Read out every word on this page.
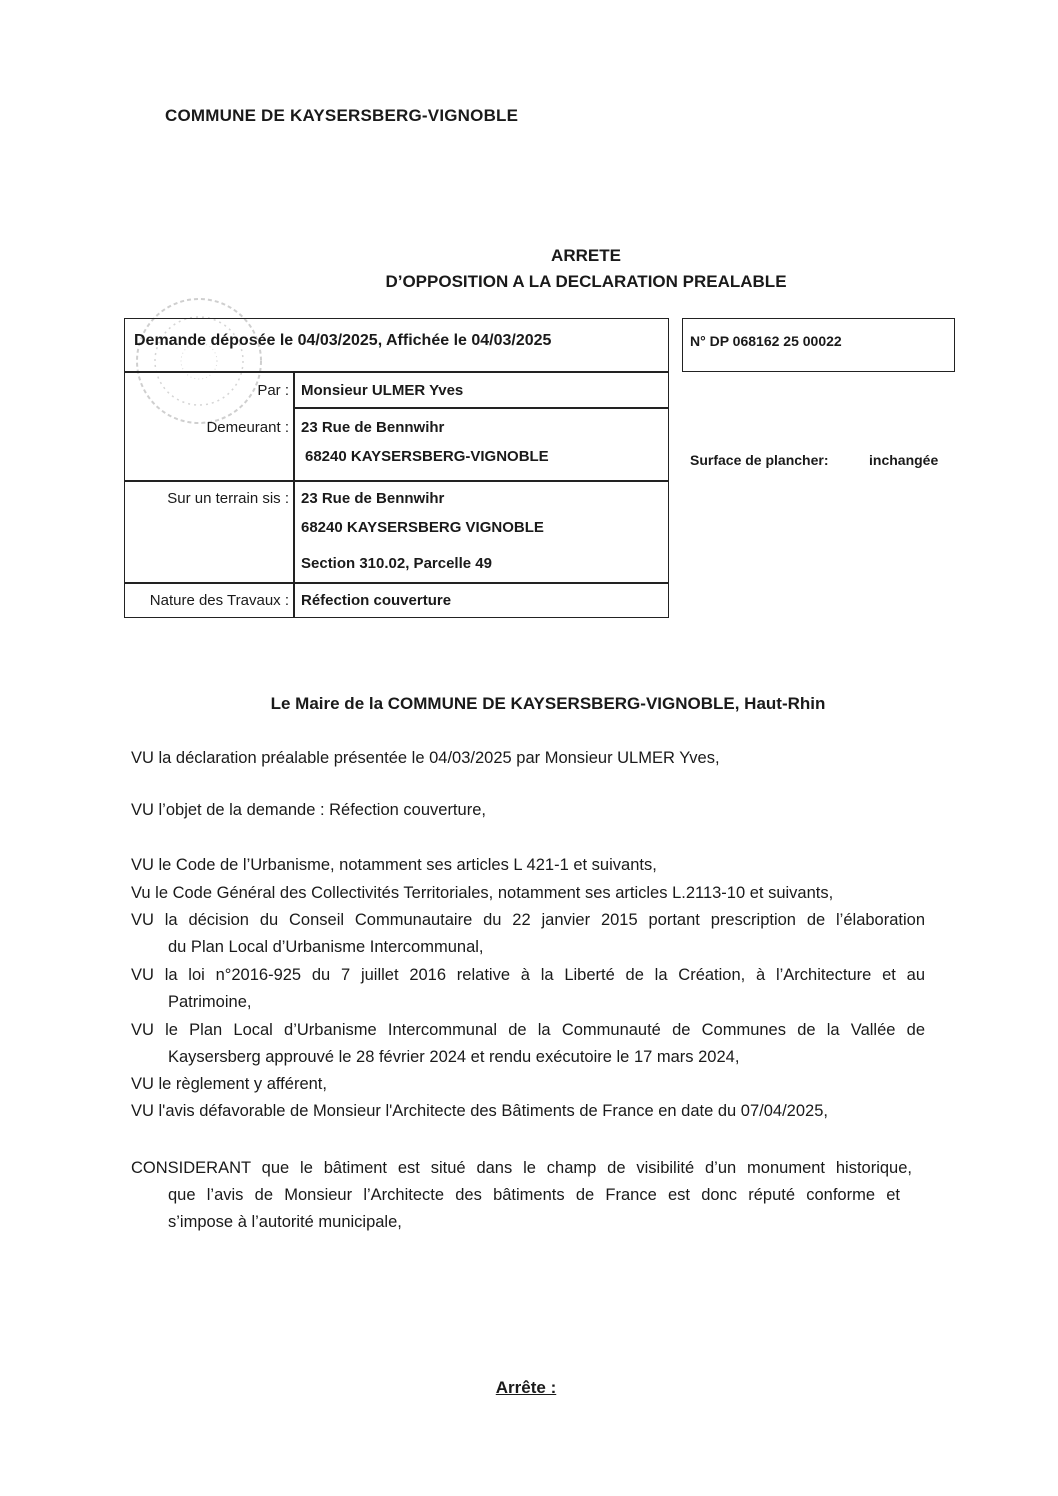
COMMUNE DE KAYSERSBERG-VIGNOBLE
ARRETE
D’OPPOSITION A LA DECLARATION PREALABLE
Demande déposée le 04/03/2025, Affichée le 04/03/2025
Par : Monsieur ULMER Yves
Demeurant : 23 Rue de Bennwihr
68240 KAYSERSBERG-VIGNOBLE
Sur un terrain sis : 23 Rue de Bennwihr
68240 KAYSERSBERG VIGNOBLE
Section 310.02, Parcelle 49
Nature des Travaux : Réfection couverture
N° DP 068162 25 00022
Surface de plancher:	inchangée
Le Maire de la COMMUNE DE KAYSERSBERG-VIGNOBLE, Haut-Rhin
VU la déclaration préalable présentée le 04/03/2025 par Monsieur ULMER Yves,
VU l’objet de la demande : Réfection couverture,
VU le Code de l’Urbanisme, notamment ses articles L 421-1 et suivants,
Vu le Code Général des Collectivités Territoriales, notamment ses articles L.2113-10 et suivants,
VU la décision du Conseil Communautaire du 22 janvier 2015 portant prescription de l’élaboration
du Plan Local d’Urbanisme Intercommunal,
VU la loi n°2016-925 du 7 juillet 2016 relative à la Liberté de la Création, à l’Architecture et au
Patrimoine,
VU le Plan Local d’Urbanisme Intercommunal de la Communauté de Communes de la Vallée de
Kaysersberg approuvé le 28 février 2024 et rendu exécutoire le 17 mars 2024,
VU le règlement y afférent,
VU l'avis défavorable de Monsieur l'Architecte des Bâtiments de France en date du 07/04/2025,
CONSIDERANT que le bâtiment est situé dans le champ de visibilité d’un monument historique,
que l’avis de Monsieur l’Architecte des bâtiments de France est donc réputé conforme et
s’impose à l’autorité municipale,
Arrête :
